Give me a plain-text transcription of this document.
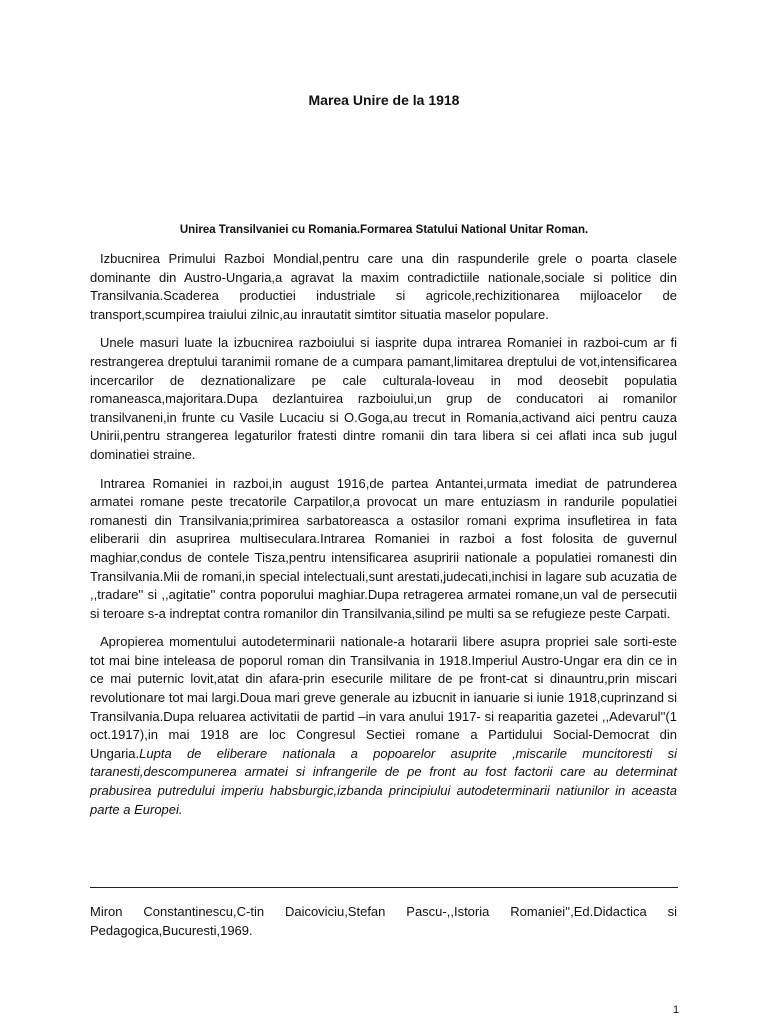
Marea Unire de la 1918
Unirea Transilvaniei cu Romania.Formarea Statului National Unitar Roman.

Izbucnirea Primului Razboi Mondial,pentru care una din raspunderile grele o poarta clasele dominante din Austro-Ungaria,a agravat la maxim contradictiile nationale,sociale si politice din Transilvania.Scaderea productiei industriale si agricole,rechizitionarea mijloacelor de transport,scumpirea traiului zilnic,au inrautatit simtitor situatia maselor populare.

Unele masuri luate la izbucnirea razboiului si iasprite dupa intrarea Romaniei in razboi-cum ar fi restrangerea dreptului taranimii romane de a cumpara pamant,limitarea dreptului de vot,intensificarea incercarilor de deznationalizare pe cale culturala-loveau in mod deosebit populatia romaneasca,majoritara.Dupa dezlantuirea razboiului,un grup de conducatori ai romanilor transilvaneni,in frunte cu Vasile Lucaciu si O.Goga,au trecut in Romania,activand aici pentru cauza Unirii,pentru strangerea legaturilor fratesti dintre romanii din tara libera si cei aflati inca sub jugul dominatiei straine.

Intrarea Romaniei in razboi,in august 1916,de partea Antantei,urmata imediat de patrunderea armatei romane peste trecatorile Carpatilor,a provocat un mare entuziasm in randurile populatiei romanesti din Transilvania;primirea sarbatoreasca a ostasilor romani exprima insufletirea in fata eliberarii din asuprirea multiseculara.Intrarea Romaniei in razboi a fost folosita de guvernul maghiar,condus de contele Tisza,pentru intensificarea asupririi nationale a populatiei romanesti din Transilvania.Mii de romani,in special intelectuali,sunt arestati,judecati,inchisi in lagare sub acuzatia de ,,tradare'' si ,,agitatie'' contra poporului maghiar.Dupa retragerea armatei romane,un val de persecutii si teroare s-a indreptat contra romanilor din Transilvania,silind pe multi sa se refugieze peste Carpati.

Apropierea momentului autodeterminarii nationale-a hotararii libere asupra propriei sale sorti-este tot mai bine inteleasa de poporul roman din Transilvania in 1918.Imperiul Austro-Ungar era din ce in ce mai puternic lovit,atat din afara-prin esecurile militare de pe front-cat si dinauntru,prin miscari revolutionare tot mai largi.Doua mari greve generale au izbucnit in ianuarie si iunie 1918,cuprinzand si Transilvania.Dupa reluarea activitatii de partid –in vara anului 1917- si reaparitia gazetei ,,Adevarul''(1 oct.1917),in mai 1918 are loc Congresul Sectiei romane a Partidului Social-Democrat din Ungaria.Lupta de eliberare nationala a popoarelor asuprite ,miscarile muncitoresti si taranesti,descompunerea armatei si infrangerile de pe front au fost factorii care au determinat prabusirea putredului imperiu habsburgic,izbanda principiului autodeterminarii natiunilor in aceasta parte a Europei.

Miron Constantinescu,C-tin Daicoviciu,Stefan Pascu-,,Istoria Romaniei'',Ed.Didactica si Pedagogica,Bucuresti,1969.
1
